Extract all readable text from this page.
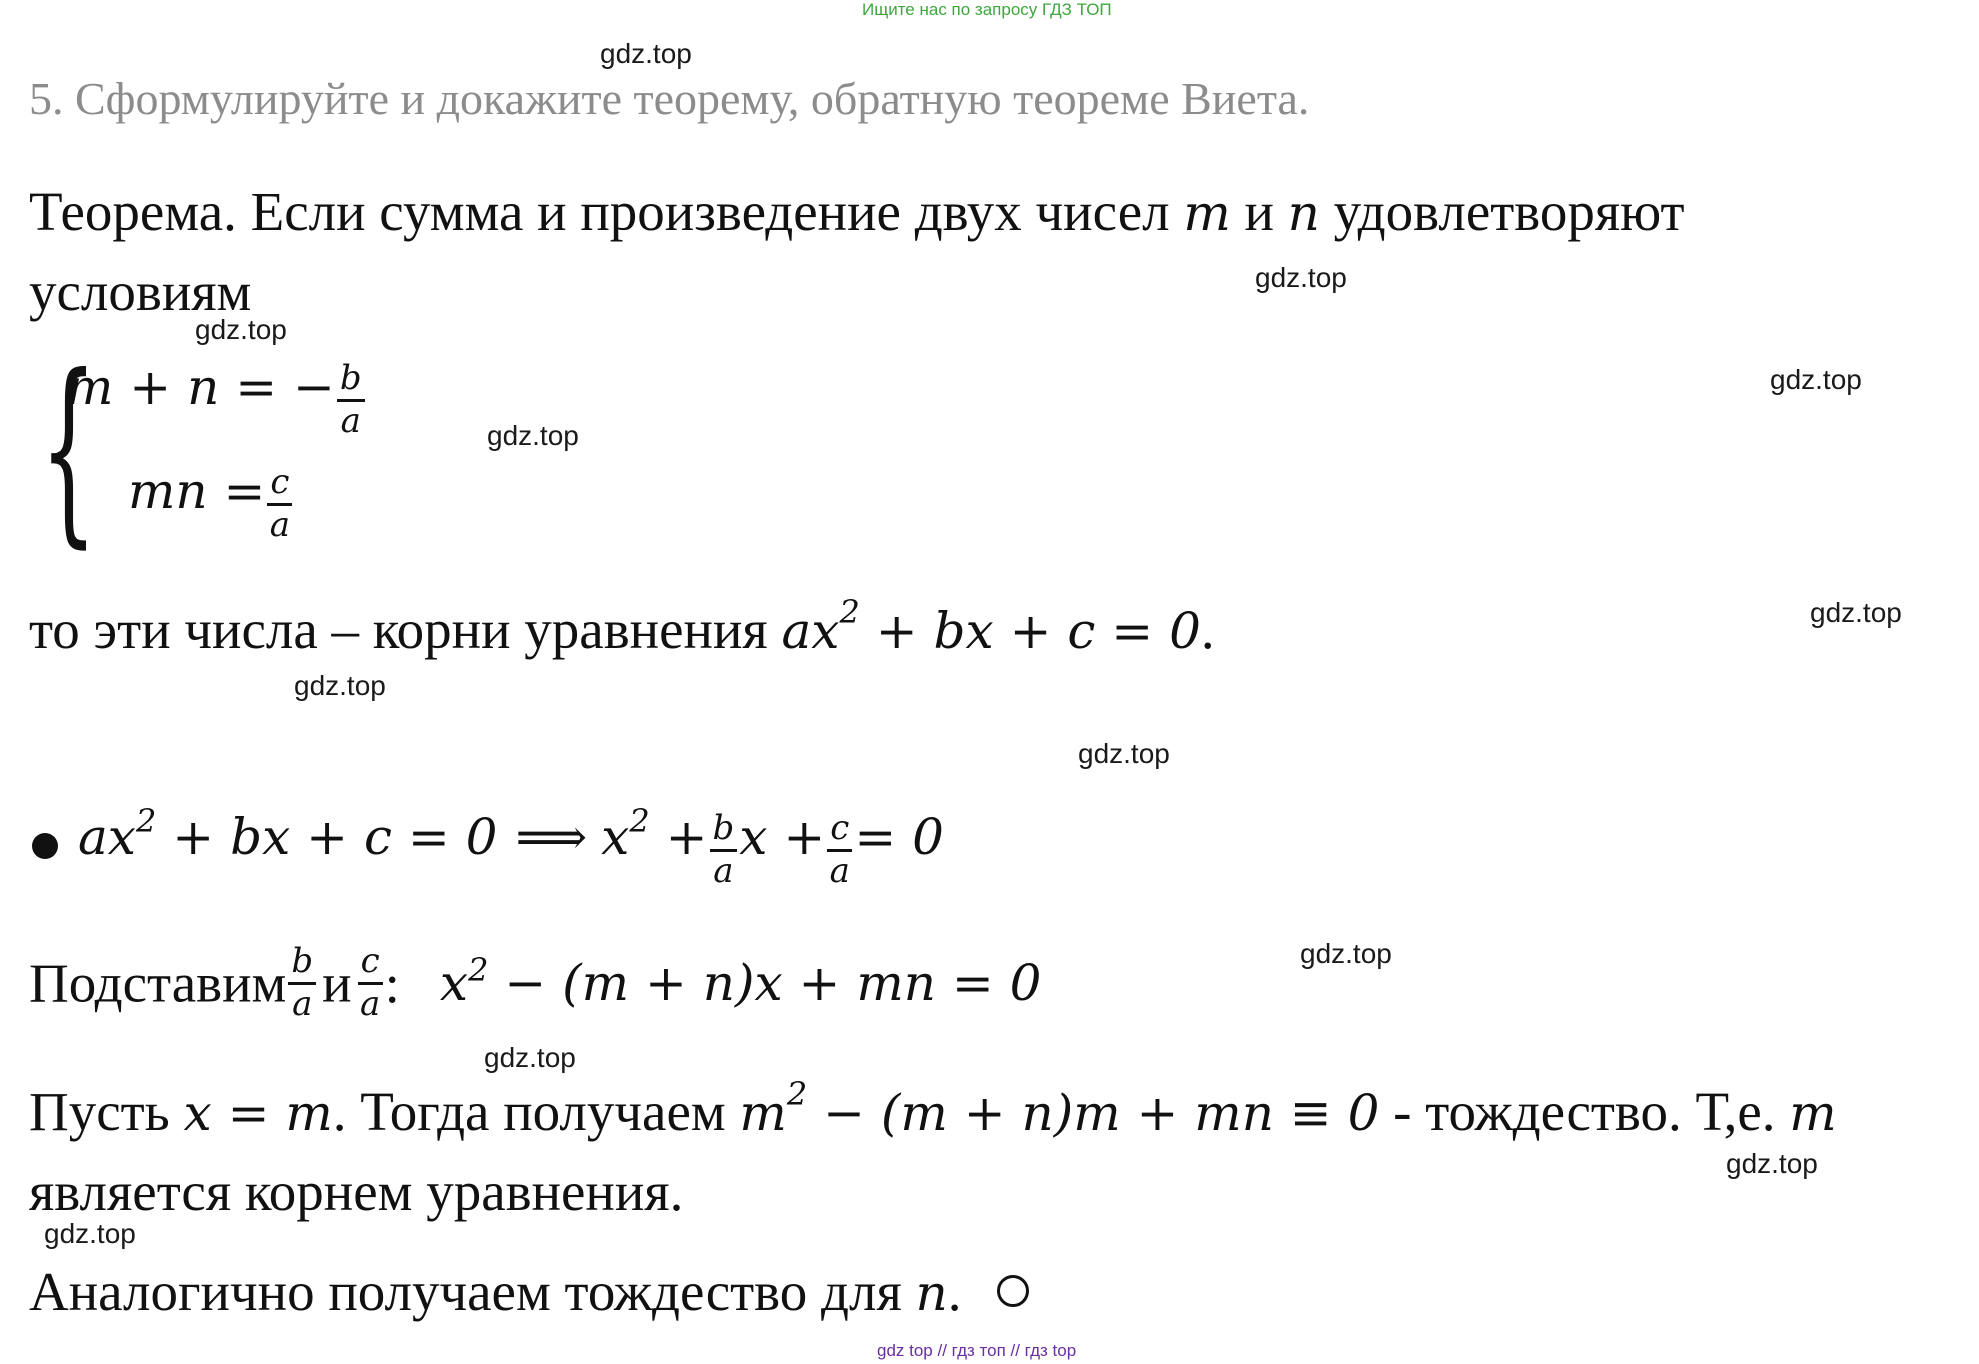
Ищите нас по запросу ГДЗ ТОП
gdz.top
gdz.top
gdz.top
gdz.top
gdz.top
gdz.top
gdz.top
gdz.top
gdz.top
gdz.top
gdz.top
gdz.top
5. Сформулируйте и докажите теорему, обратную теореме Виета.
Теорема. Если сумма и произведение двух чисел m и n удовлетворяют
условиям
{
m + n = − $\frac{b}{a}$
mn = $\frac{c}{a}$
то эти числа – корни уравнения $ax^2$ + bx + c = 0.
$ax^2$ + bx + c = 0 ⟹ $x^2 + \frac{b}{a}$ $x + \frac{c}{a} = 0$
Подставим $\frac{b}{a}$ и $\frac{c}{a}$ : $x^2 - (m + n)x$ + mn = 0
Пусть x = m. Тогда получаем $m^2 - (m + n)m$ + mn ≡ 0 - тождество. Т,е. m
является корнем уравнения.
Аналогично получаем тождество для n.
gdz top // гдз топ // гдз top
